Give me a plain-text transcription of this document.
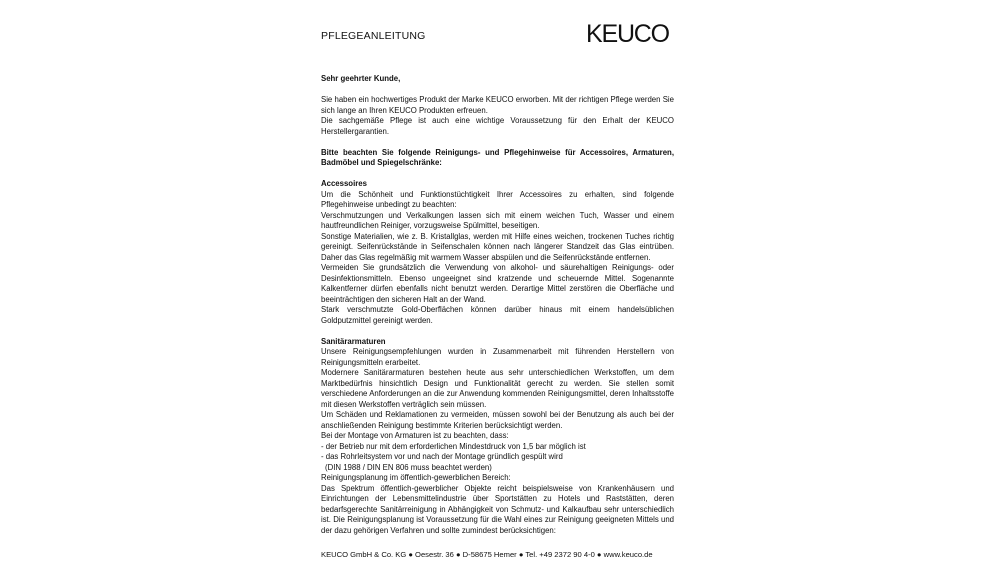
PFLEGEANLEITUNG	KEUCO

Sehr geehrter Kunde,

Sie haben ein hochwertiges Produkt der Marke KEUCO erworben. Mit der richtigen Pflege werden Sie sich lange an Ihren KEUCO Produkten erfreuen.

Die sachgemäße Pflege ist auch eine wichtige Voraussetzung für den Erhalt der KEUCO Herstellergarantien.

Bitte beachten Sie folgende Reinigungs- und Pflegehinweise für Accessoires, Armaturen, Badmöbel und Spiegelschränke:

Accessoires

Um die Schönheit und Funktionstüchtigkeit Ihrer Accessoires zu erhalten, sind folgende Pflegehinweise unbedingt zu beachten:

Verschmutzungen und Verkalkungen lassen sich mit einem weichen Tuch, Wasser und einem hautfreundlichen Reiniger, vorzugsweise Spülmittel, beseitigen.

Sonstige Materialien, wie z. B. Kristallglas, werden mit Hilfe eines weichen, trockenen Tuches richtig gereinigt. Seifenrückstände in Seifenschalen können nach längerer Standzeit das Glas eintrüben. Daher das Glas regelmäßig mit warmem Wasser abspülen und die Seifenrückstände entfernen.

Vermeiden Sie grundsätzlich die Verwendung von alkohol- und säurehaltigen Reinigungs- oder Desinfektionsmitteln. Ebenso ungeeignet sind kratzende und scheuernde Mittel. Sogenannte Kalkentferner dürfen ebenfalls nicht benutzt werden. Derartige Mittel zerstören die Oberfläche und beeinträchtigen den sicheren Halt an der Wand.

Stark verschmutzte Gold-Oberflächen können darüber hinaus mit einem handelsüblichen Goldputzmittel gereinigt werden.

Sanitärarmaturen

Unsere Reinigungsempfehlungen wurden in Zusammenarbeit mit führenden Herstellern von Reinigungsmitteln erarbeitet.

Modernere Sanitärarmaturen bestehen heute aus sehr unterschiedlichen Werkstoffen, um dem Marktbedürfnis hinsichtlich Design und Funktionalität gerecht zu werden. Sie stellen somit verschiedene Anforderungen an die zur Anwendung kommenden Reinigungsmittel, deren Inhaltsstoffe mit diesen Werkstoffen verträglich sein müssen.

Um Schäden und Reklamationen zu vermeiden, müssen sowohl bei der Benutzung als auch bei der anschließenden Reinigung bestimmte Kriterien berücksichtigt werden.

Bei der Montage von Armaturen ist zu beachten, dass:

- der Betrieb nur mit dem erforderlichen Mindestdruck von 1,5 bar möglich ist

- das Rohrleitsystem vor und nach der Montage gründlich gespült wird

(DIN 1988 / DIN EN 806 muss beachtet werden)

Reinigungsplanung im öffentlich-gewerblichen Bereich:

Das Spektrum öffentlich-gewerblicher Objekte reicht beispielsweise von Krankenhäusern und Einrichtungen der Lebensmittelindustrie über Sportstätten zu Hotels und Raststätten, deren bedarfsgerechte Sanitärreinigung in Abhängigkeit von Schmutz- und Kalkaufbau sehr unterschiedlich ist. Die Reinigungsplanung ist Voraussetzung für die Wahl eines zur Reinigung geeigneten Mittels und der dazu gehörigen Verfahren und sollte zumindest berücksichtigen:

KEUCO GmbH & Co. KG ● Oesestr. 36 ● D-58675 Hemer ● Tel. +49 2372 90 4-0 ● www.keuco.de
